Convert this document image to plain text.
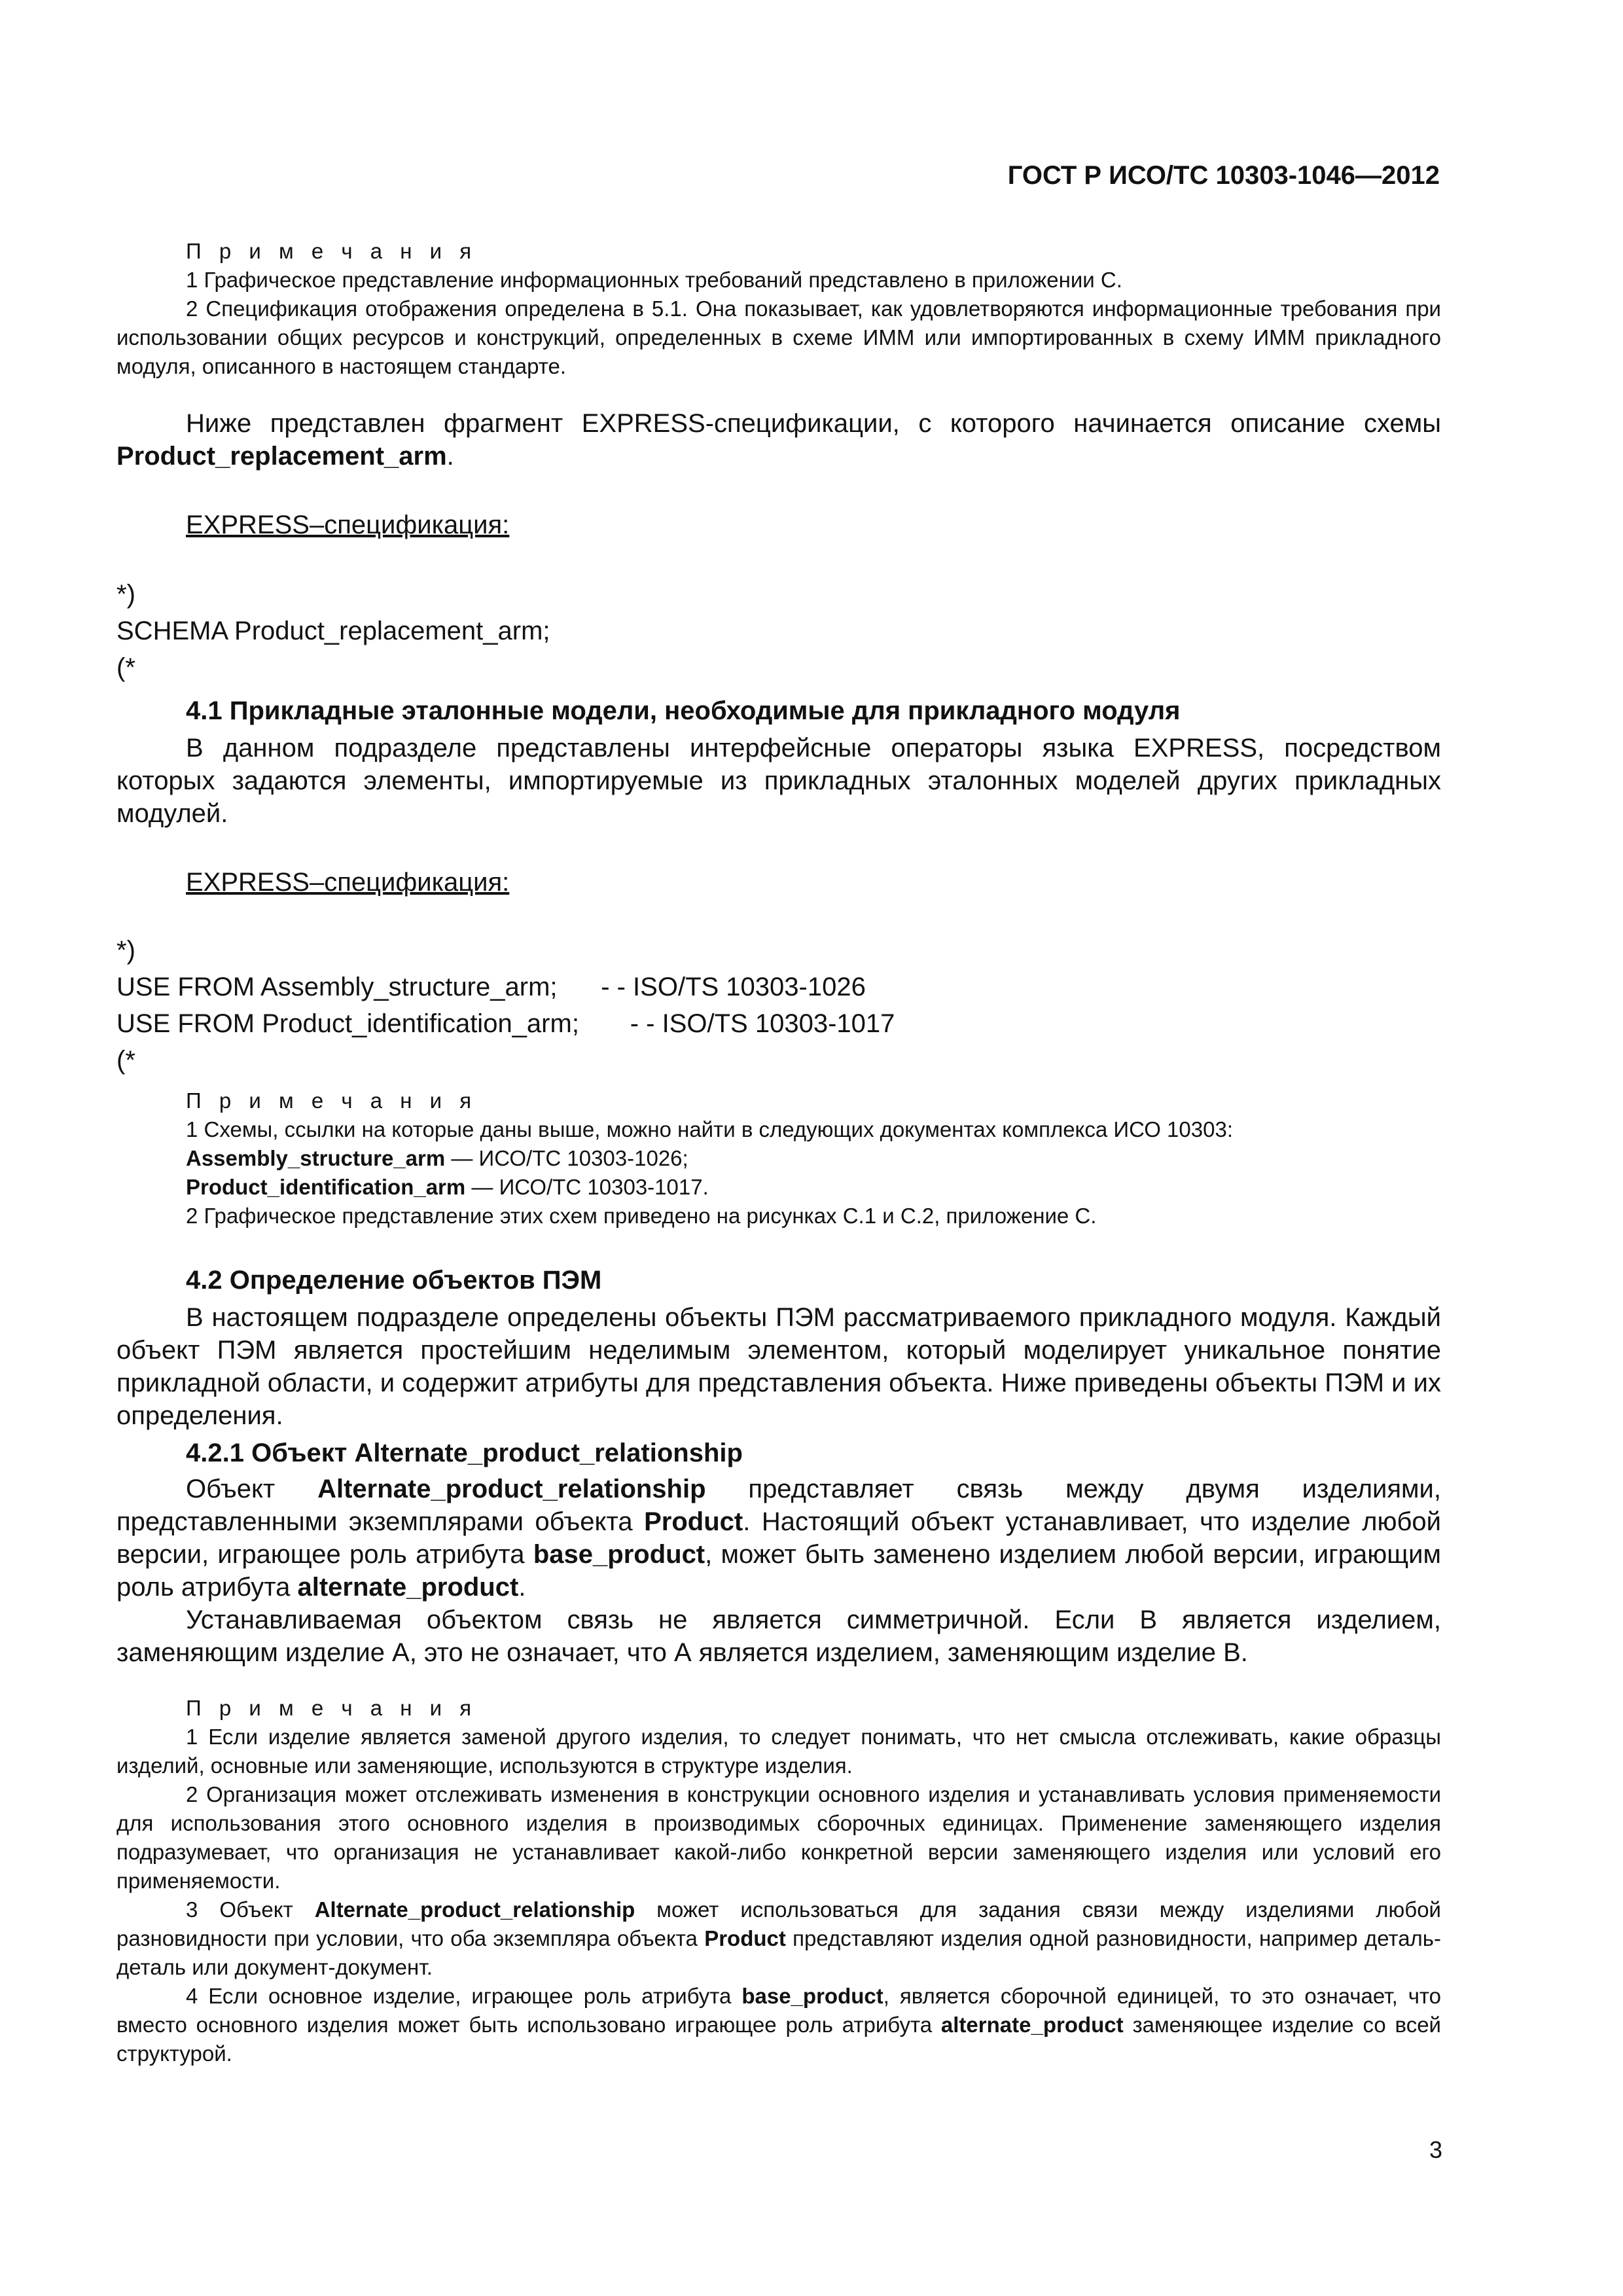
ГОСТ Р ИСО/ТС 10303-1046—2012

П р и м е ч а н и я

1 Графическое представление информационных требований представлено в приложении С.

2 Спецификация отображения определена в 5.1. Она показывает, как удовлетворяются информационные требования при использовании общих ресурсов и конструкций, определенных в схеме ИММ или импортированных в схему ИММ прикладного модуля, описанного в настоящем стандарте.

Ниже представлен фрагмент EXPRESS-спецификации, с которого начинается описание схемы Product_replacement_arm.

EXPRESS–спецификация:
*)
SCHEMA Product_replacement_arm;
(*
4.1 Прикладные эталонные модели, необходимые для прикладного модуля

В данном подразделе представлены интерфейсные операторы языка EXPRESS, посредством которых задаются элементы, импортируемые из прикладных эталонных моделей других прикладных модулей.

EXPRESS–спецификация:
*)
USE FROM Assembly_structure_arm; - - ISO/TS 10303-1026
USE FROM Product_identification_arm; - - ISO/TS 10303-1017
(*

П р и м е ч а н и я

1 Схемы, ссылки на которые даны выше, можно найти в следующих документах комплекса ИСО 10303:

Assembly_structure_arm — ИСО/ТС 10303-1026;

Product_identification_arm — ИСО/ТС 10303-1017.

2 Графическое представление этих схем приведено на рисунках С.1 и С.2, приложение С.

4.2 Определение объектов ПЭМ

В настоящем подразделе определены объекты ПЭМ рассматриваемого прикладного модуля. Каждый объект ПЭМ является простейшим неделимым элементом, который моделирует уникальное понятие прикладной области, и содержит атрибуты для представления объекта. Ниже приведены объекты ПЭМ и их определения.

4.2.1 Объект Alternate_product_relationship

Объект Alternate_product_relationship представляет связь между двумя изделиями, представленными экземплярами объекта Product. Настоящий объект устанавливает, что изделие любой версии, играющее роль атрибута base_product, может быть заменено изделием любой версии, играющим роль атрибута alternate_product.

Устанавливаемая объектом связь не является симметричной. Если В является изделием, заменяющим изделие А, это не означает, что А является изделием, заменяющим изделие В.

П р и м е ч а н и я

1 Если изделие является заменой другого изделия, то следует понимать, что нет смысла отслеживать, какие образцы изделий, основные или заменяющие, используются в структуре изделия.

2 Организация может отслеживать изменения в конструкции основного изделия и устанавливать условия применяемости для использования этого основного изделия в производимых сборочных единицах. Применение заменяющего изделия подразумевает, что организация не устанавливает какой-либо конкретной версии заменяющего изделия или условий его применяемости.

3 Объект Alternate_product_relationship может использоваться для задания связи между изделиями любой разновидности при условии, что оба экземпляра объекта Product представляют изделия одной разновидности, например деталь-деталь или документ-документ.

4 Если основное изделие, играющее роль атрибута base_product, является сборочной единицей, то это означает, что вместо основного изделия может быть использовано играющее роль атрибута alternate_product заменяющее изделие со всей структурой.

3
